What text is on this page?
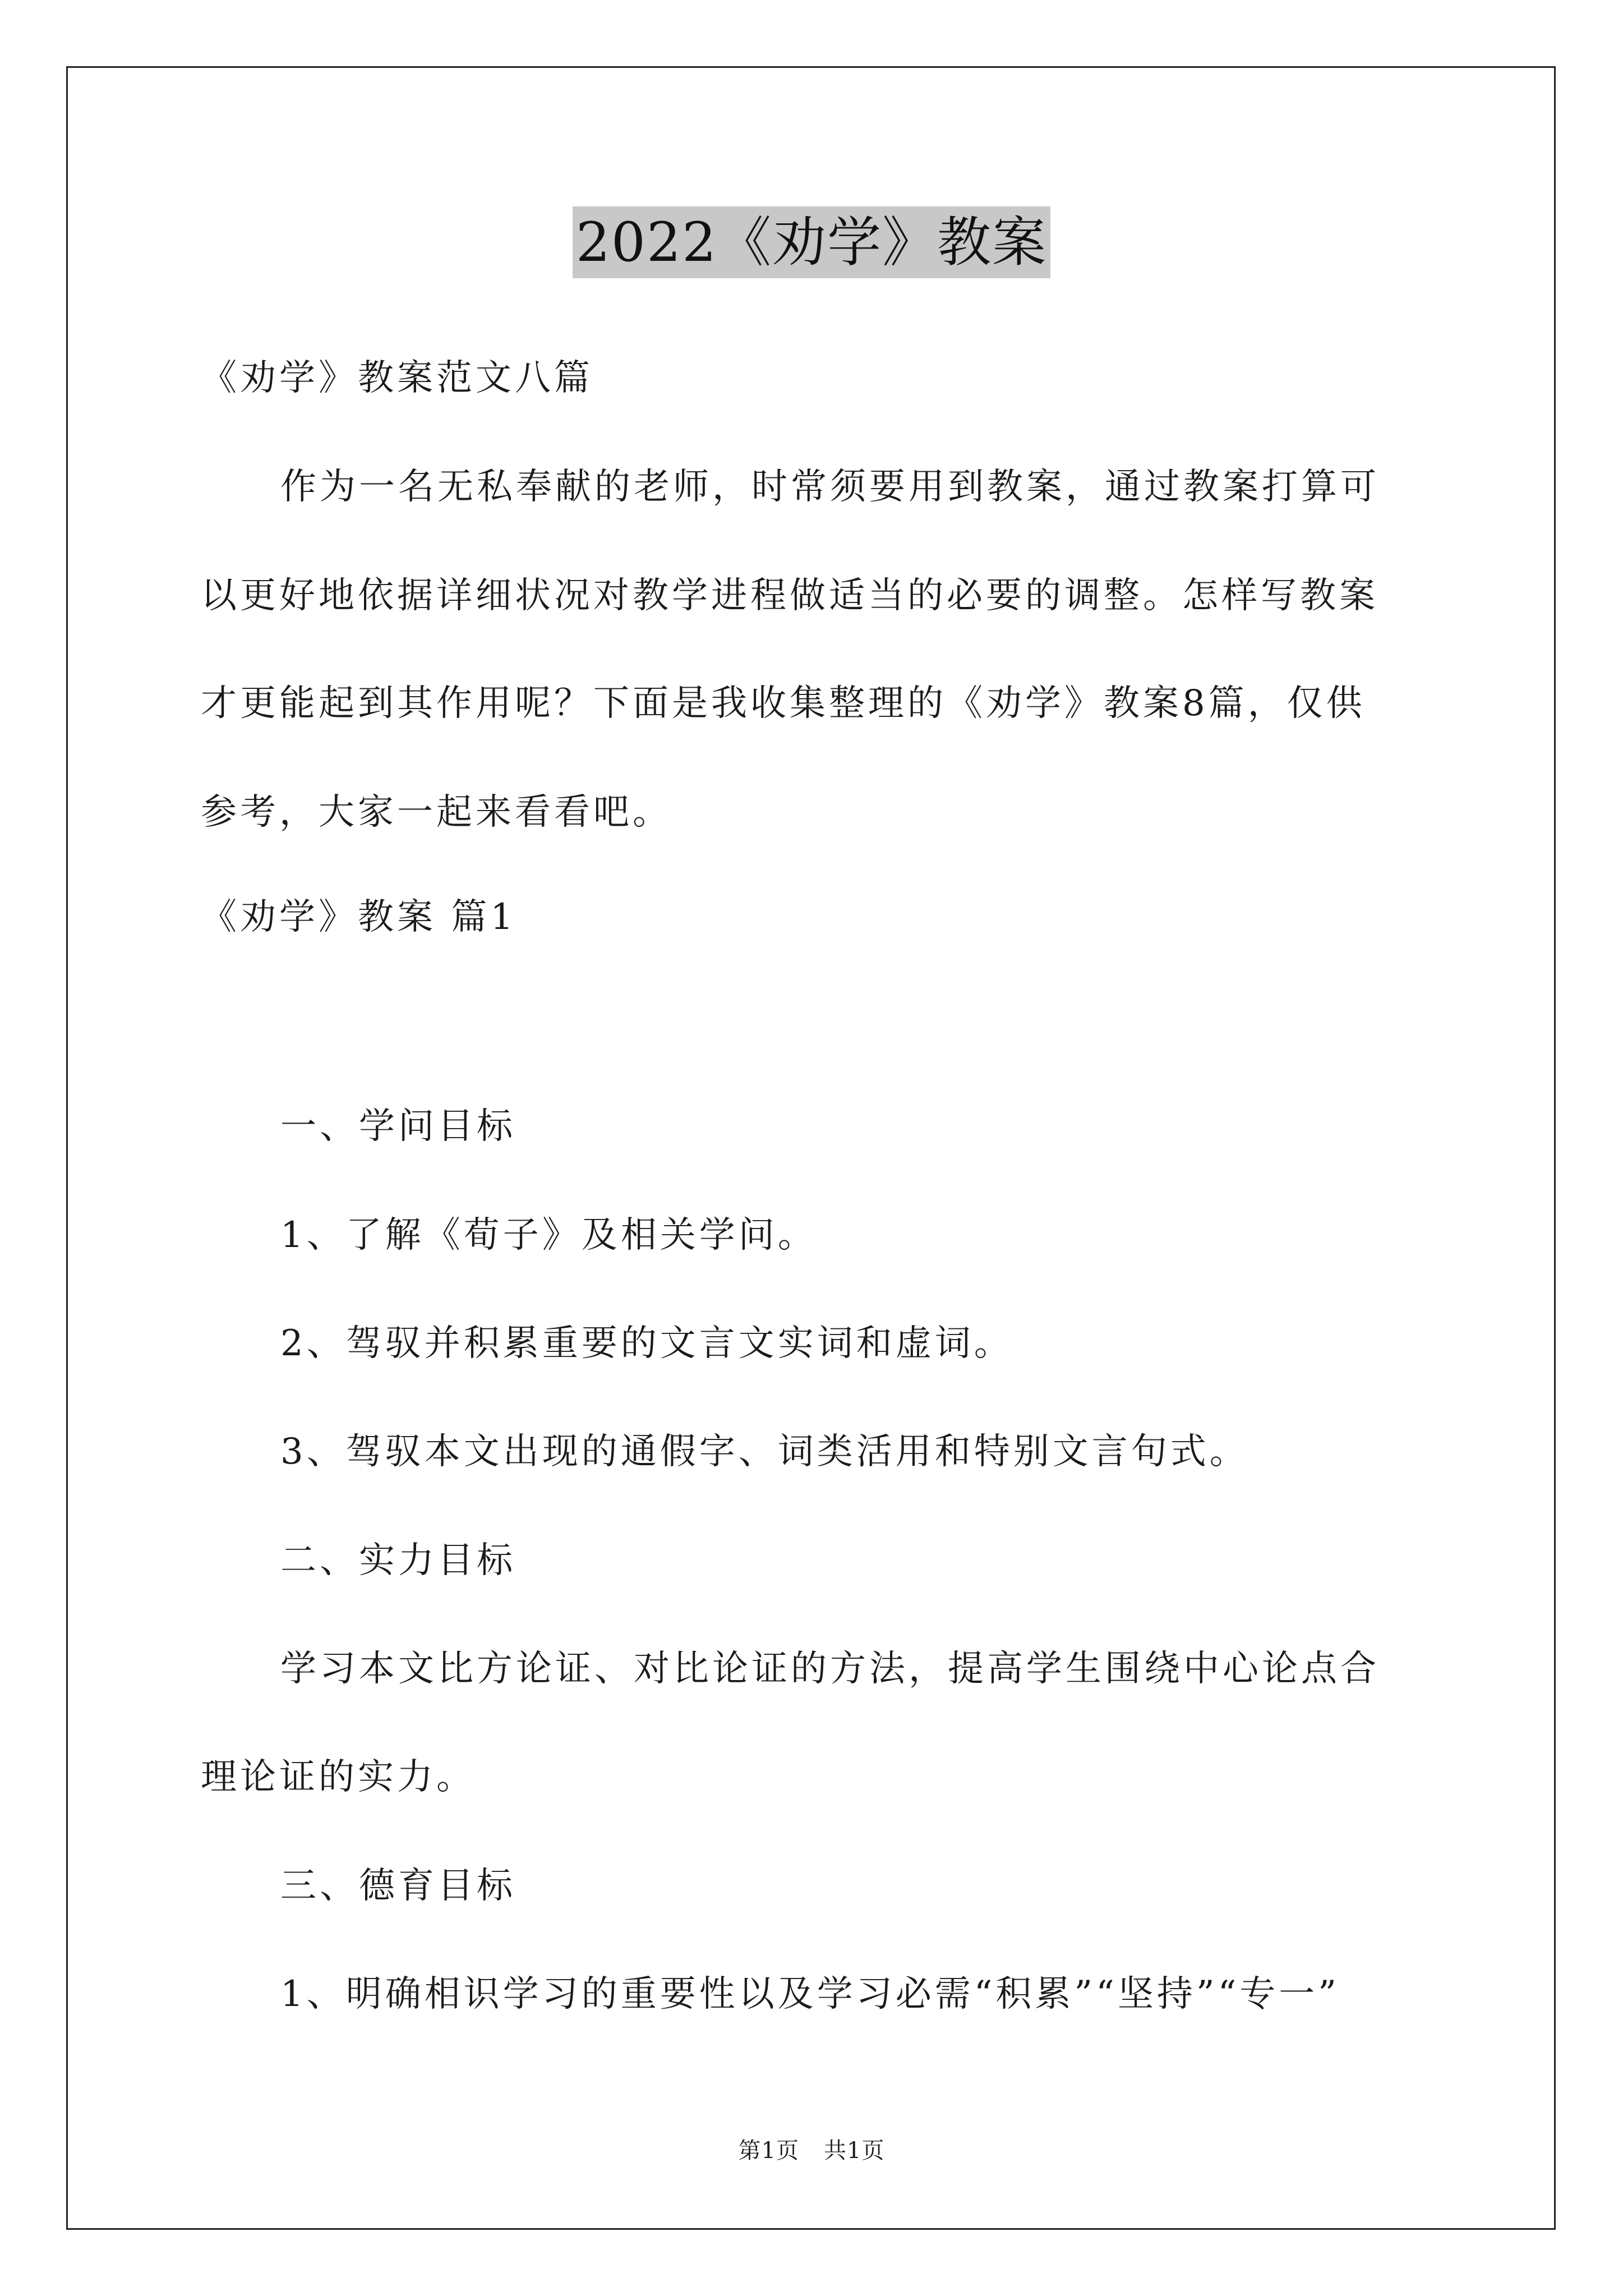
2022《劝学》教案
《劝学》教案范文八篇
作为一名无私奉献的老师，时常须要用到教案，通过教案打算可
以更好地依据详细状况对教学进程做适当的必要的调整。怎样写教案
才更能起到其作用呢？下面是我收集整理的《劝学》教案8篇，仅供
参考，大家一起来看看吧。
《劝学》教案 篇1
一、学问目标
1、了解《荀子》及相关学问。
2、驾驭并积累重要的文言文实词和虚词。
3、驾驭本文出现的通假字、词类活用和特别文言句式。
二、实力目标
学习本文比方论证、对比论证的方法，提高学生围绕中心论点合
理论证的实力。
三、德育目标
1、明确相识学习的重要性以及学习必需“积累”“坚持”“专一”
第1页 共1页
